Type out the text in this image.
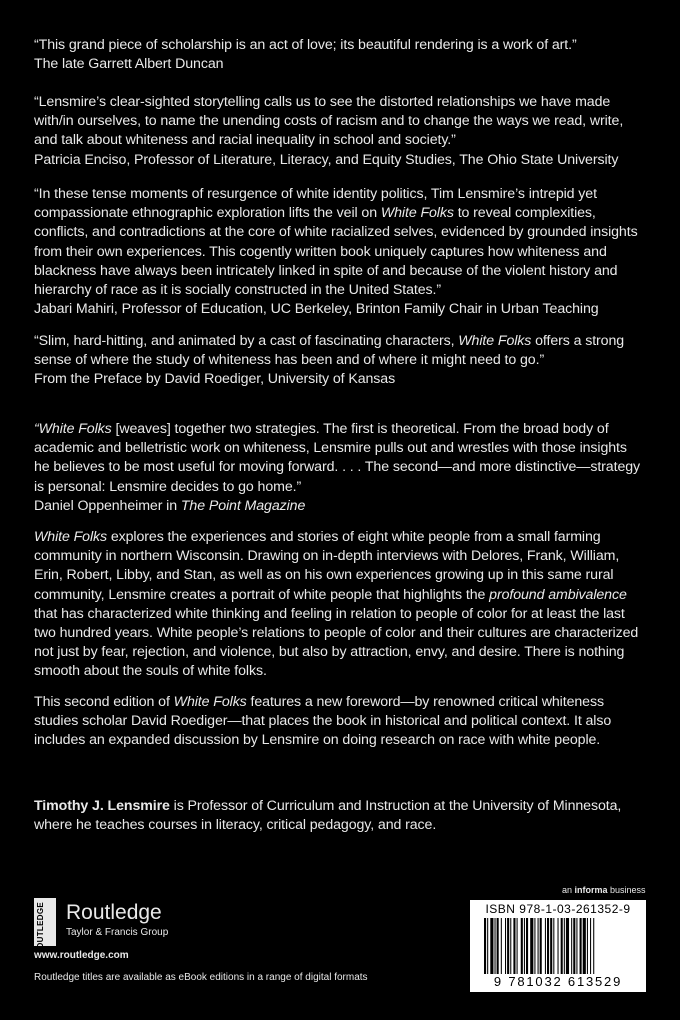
“This grand piece of scholarship is an act of love; its beautiful rendering is a work of art.”

The late Garrett Albert Duncan

“Lensmire’s clear-sighted storytelling calls us to see the distorted relationships we have made with/in ourselves, to name the unending costs of racism and to change the ways we read, write, and talk about whiteness and racial inequality in school and society.”

Patricia Enciso, Professor of Literature, Literacy, and Equity Studies, The Ohio State University

“In these tense moments of resurgence of white identity politics, Tim Lensmire’s intrepid yet compassionate ethnographic exploration lifts the veil on White Folks to reveal complexities, conflicts, and contradictions at the core of white racialized selves, evidenced by grounded insights from their own experiences. This cogently written book uniquely captures how whiteness and blackness have always been intricately linked in spite of and because of the violent history and hierarchy of race as it is socially constructed in the United States.”

Jabari Mahiri, Professor of Education, UC Berkeley, Brinton Family Chair in Urban Teaching

“Slim, hard-hitting, and animated by a cast of fascinating characters, White Folks offers a strong sense of where the study of whiteness has been and of where it might need to go.”

From the Preface by David Roediger, University of Kansas

“White Folks [weaves] together two strategies. The first is theoretical. From the broad body of academic and belletristic work on whiteness, Lensmire pulls out and wrestles with those insights he believes to be most useful for moving forward. . . . The second—and more distinctive—strategy is personal: Lensmire decides to go home.”

Daniel Oppenheimer in The Point Magazine

White Folks explores the experiences and stories of eight white people from a small farming community in northern Wisconsin. Drawing on in-depth interviews with Delores, Frank, William, Erin, Robert, Libby, and Stan, as well as on his own experiences growing up in this same rural community, Lensmire creates a portrait of white people that highlights the profound ambivalence that has characterized white thinking and feeling in relation to people of color for at least the last two hundred years. White people’s relations to people of color and their cultures are characterized not just by fear, rejection, and violence, but also by attraction, envy, and desire. There is nothing smooth about the souls of white folks.

This second edition of White Folks features a new foreword—by renowned critical whiteness studies scholar David Roediger—that places the book in historical and political context. It also includes an expanded discussion by Lensmire on doing research on race with white people.

Timothy J. Lensmire is Professor of Curriculum and Instruction at the University of Minnesota, where he teaches courses in literacy, critical pedagogy, and race.

ROUTLEDGE Routledge
Taylor & Francis Group
www.routledge.com
Routledge titles are available as eBook editions in a range of digital formats
an informa business
ISBN 978-1-03-261352-9
9 781032 613529
